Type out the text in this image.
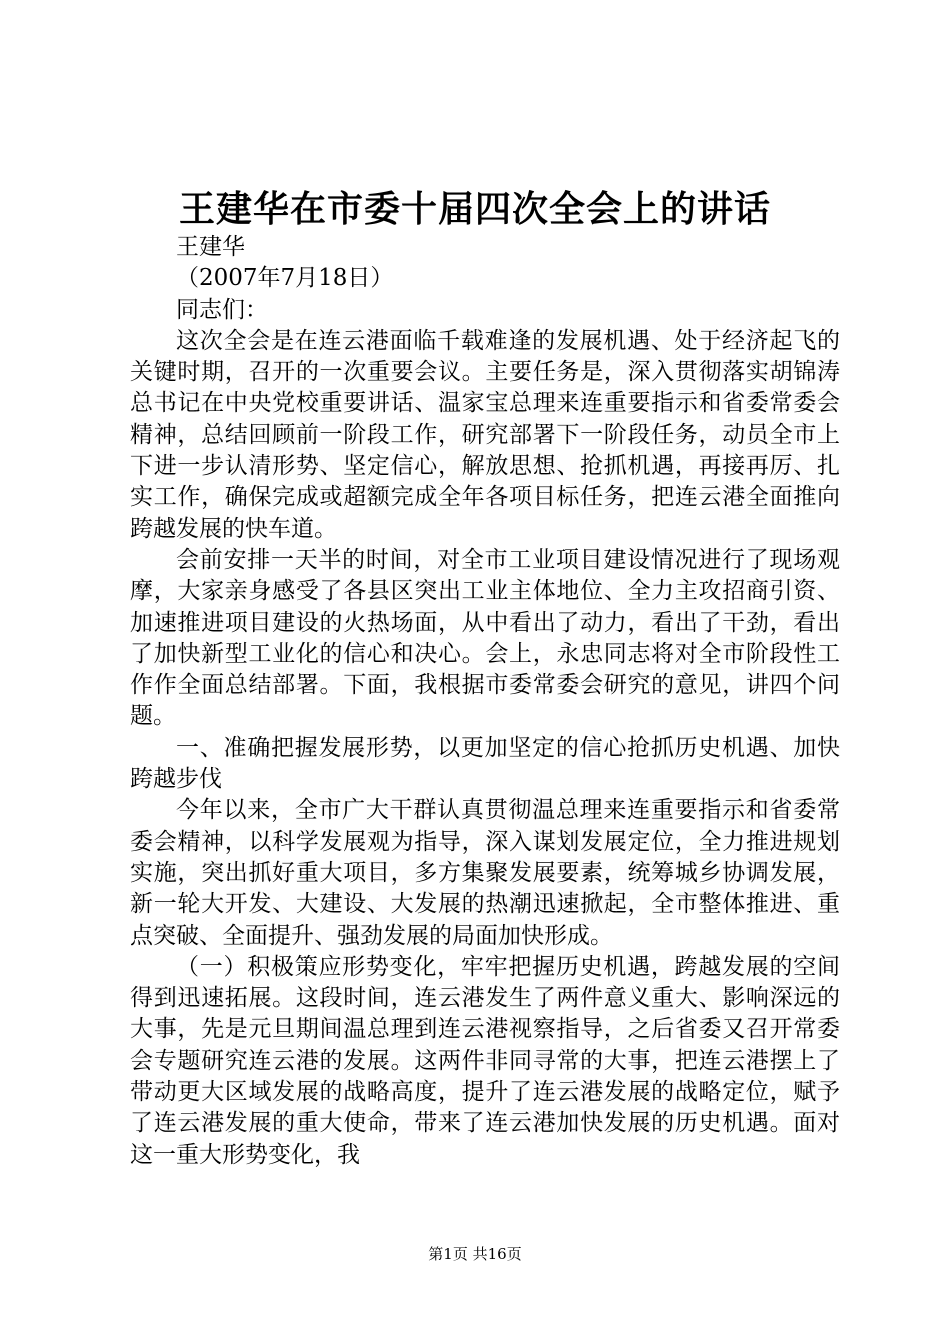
王建华在市委十届四次全会上的讲话

王建华

（2007年7月18日）

同志们：

这次全会是在连云港面临千载难逢的发展机遇、处于经济起飞的关键时期，召开的一次重要会议。主要任务是，深入贯彻落实胡锦涛总书记在中央党校重要讲话、温家宝总理来连重要指示和省委常委会精神，总结回顾前一阶段工作，研究部署下一阶段任务，动员全市上下进一步认清形势、坚定信心，解放思想、抢抓机遇，再接再厉、扎实工作，确保完成或超额完成全年各项目标任务，把连云港全面推向跨越发展的快车道。

会前安排一天半的时间，对全市工业项目建设情况进行了现场观摩，大家亲身感受了各县区突出工业主体地位、全力主攻招商引资、加速推进项目建设的火热场面，从中看出了动力，看出了干劲，看出了加快新型工业化的信心和决心。会上，永忠同志将对全市阶段性工作作全面总结部署。下面，我根据市委常委会研究的意见，讲四个问题。

一、准确把握发展形势，以更加坚定的信心抢抓历史机遇、加快跨越步伐

今年以来，全市广大干群认真贯彻温总理来连重要指示和省委常委会精神，以科学发展观为指导，深入谋划发展定位，全力推进规划实施，突出抓好重大项目，多方集聚发展要素，统筹城乡协调发展，新一轮大开发、大建设、大发展的热潮迅速掀起，全市整体推进、重点突破、全面提升、强劲发展的局面加快形成。

（一）积极策应形势变化，牢牢把握历史机遇，跨越发展的空间得到迅速拓展。这段时间，连云港发生了两件意义重大、影响深远的大事，先是元旦期间温总理到连云港视察指导，之后省委又召开常委会专题研究连云港的发展。这两件非同寻常的大事，把连云港摆上了带动更大区域发展的战略高度，提升了连云港发展的战略定位，赋予了连云港发展的重大使命，带来了连云港加快发展的历史机遇。面对这一重大形势变化，我

第1页 共16页
